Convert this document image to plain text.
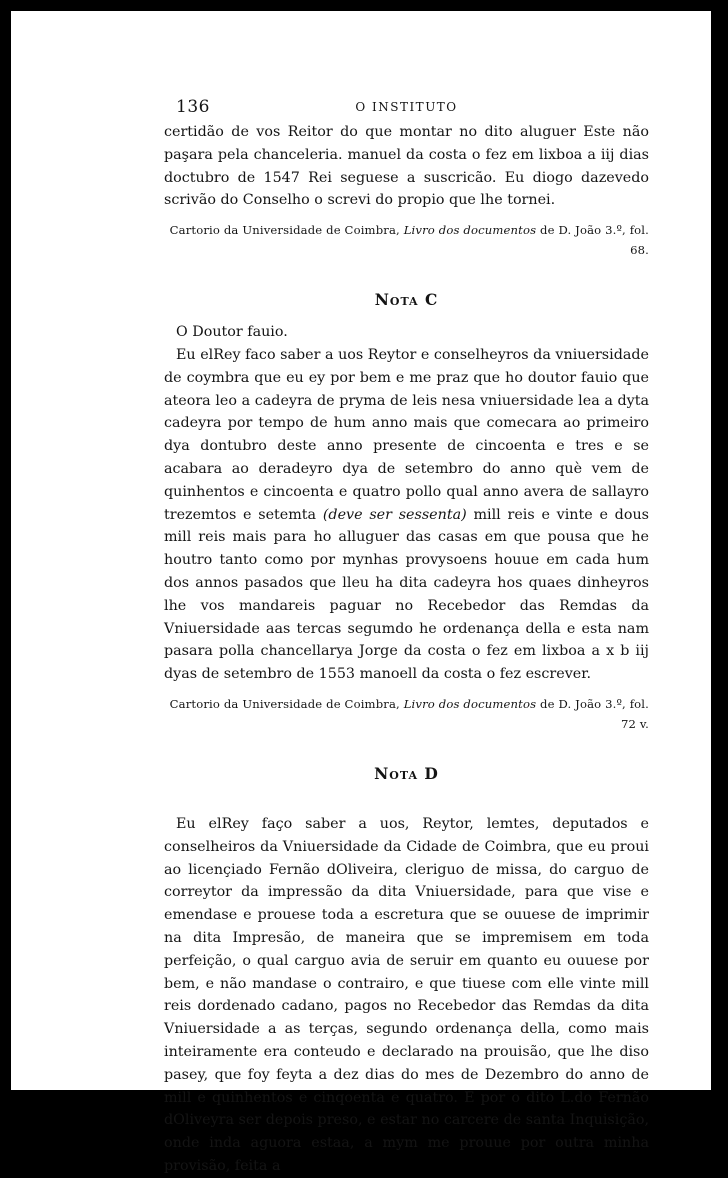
136	O INSTITUTO

certidão de vos Reitor do que montar no dito aluguer Este não paşara pela chanceleria. manuel da costa o fez em lixboa a iij dias doctubro de 1547 Rei seguese a suscricão. Eu diogo dazevedo scrivão do Conselho o screvi do propio que lhe tornei.

Cartorio da Universidade de Coimbra, Livro dos documentos de D. João 3.º, fol. 68.
Nota C

O Doutor fauio.

Eu elRey faco saber a uos Reytor e conselheyros da vniuersidade de coymbra que eu ey por bem e me praz que ho doutor fauio que ateora leo a cadeyra de pryma de leis nesa vniuersidade lea a dyta cadeyra por tempo de hum anno mais que comecara ao primeiro dya dontubro deste anno presente de cincoenta e tres e se acabara ao deradeyro dya de setembro do anno què vem de quinhentos e cincoenta e quatro pollo qual anno avera de sallayro trezemtos e setemta (deve ser sessenta) mill reis e vinte e dous mill reis mais para ho alluguer das casas em que pousa que he houtro tanto como por mynhas provysoens houue em cada hum dos annos pasados que lleu ha dita cadeyra hos quaes dinheyros lhe vos mandareis paguar no Recebedor das Remdas da Vniuersidade aas tercas segumdo he ordenança della e esta nam pasara polla chancellarya Jorge da costa o fez em lixboa a x b iij dyas de setembro de 1553 manoell da costa o fez escrever.

Cartorio da Universidade de Coimbra, Livro dos documentos de D. João 3.º, fol. 72 v.
Nota D

Eu elRey faço saber a uos, Reytor, lemtes, deputados e conselheiros da Vniuersidade da Cidade de Coimbra, que eu proui ao licençiado Fernão dOliveira, cleriguo de missa, do carguo de correytor da impressão da dita Vniuersidade, para que vise e emendase e prouese toda a escretura que se ouuese de imprimir na dita Impresão, de maneira que se impremisem em toda perfeição, o qual carguo avia de seruir em quanto eu ouuese por bem, e não mandase o contrairo, e que tiuese com elle vinte mill reis dordenado cadano, pagos no Recebedor das Remdas da dita Vniuersidade a as terças, segundo ordenança della, como mais inteiramente era conteudo e declarado na prouisão, que lhe diso pasey, que foy feyta a dez dias do mes de Dezembro do anno de mill e quinhentos e cinqoenta e quatro. E por o dito L.do Fernão dOliveyra ser depois preso, e estar no carcere de santa Inquisição, onde inda aguora estaa, a mym me prouue por outra minha provisão, feita a
